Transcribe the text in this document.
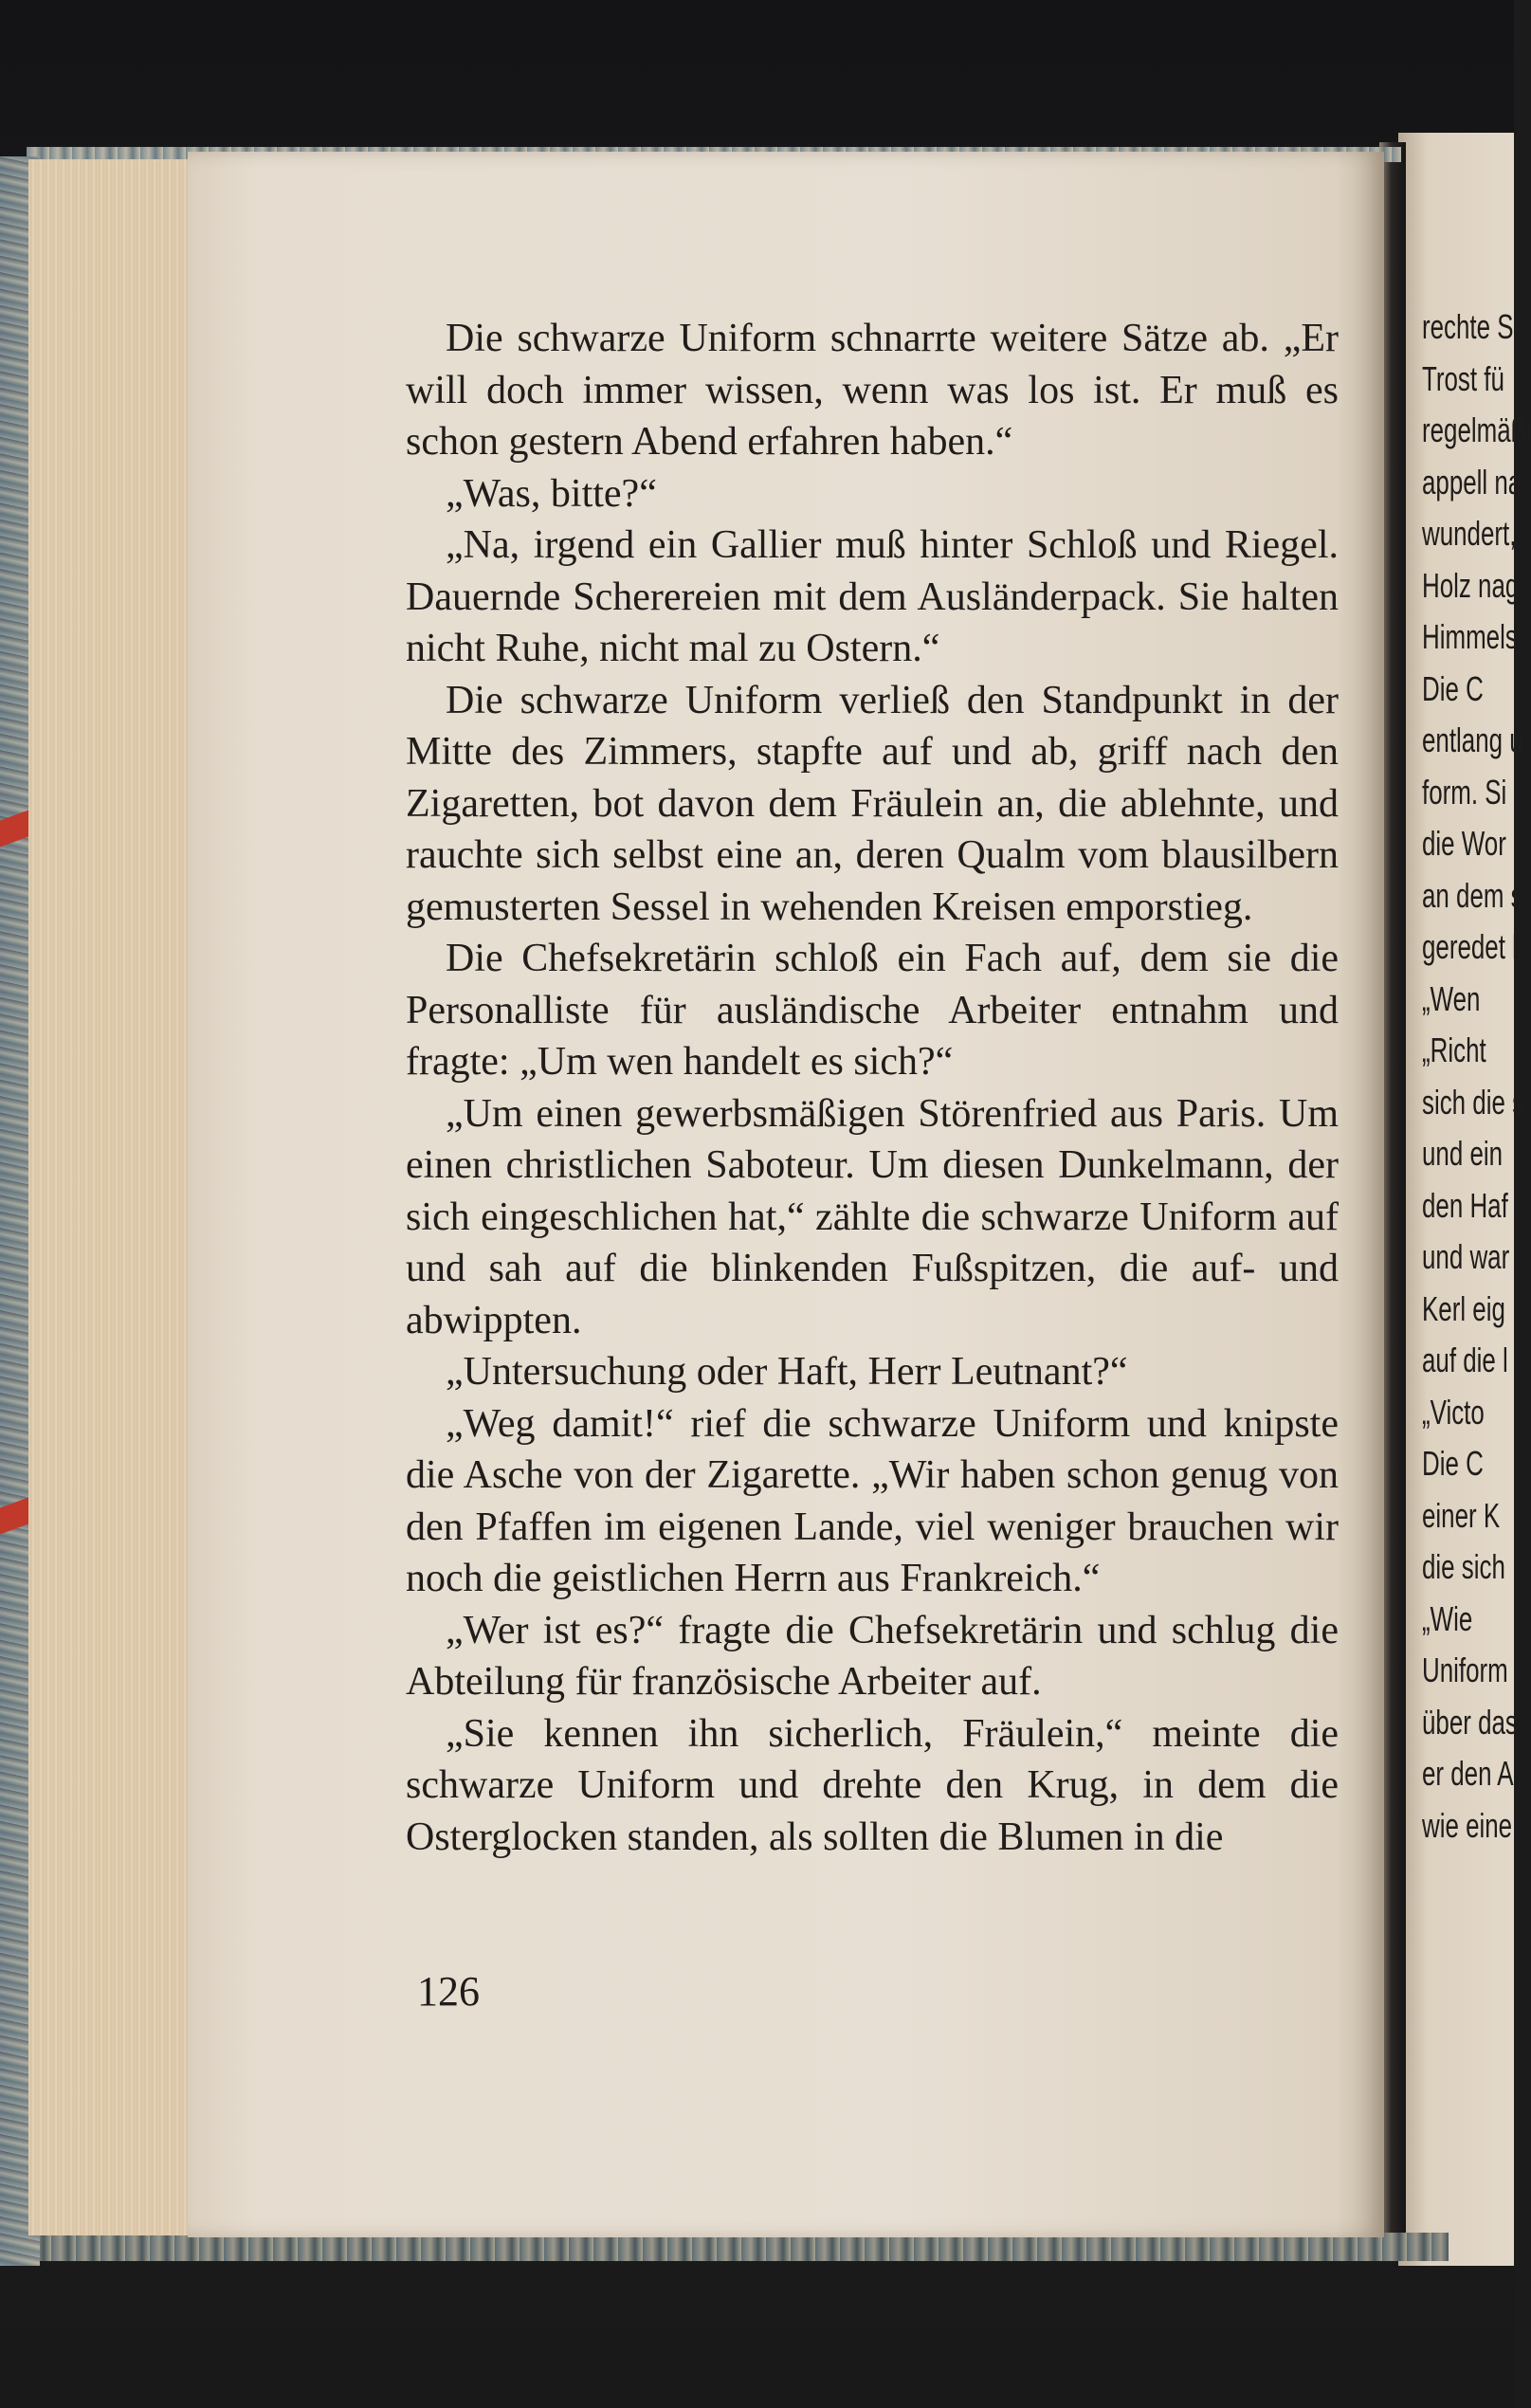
Die schwarze Uniform schnarrte weitere Sätze ab. „Er will doch immer wissen, wenn was los ist. Er muß es schon gestern Abend erfahren haben.“

„Was, bitte?“

„Na, irgend ein Gallier muß hinter Schloß und Riegel. Dauernde Scherereien mit dem Ausländerpack. Sie halten nicht Ruhe, nicht mal zu Ostern.“

Die schwarze Uniform verließ den Standpunkt in der Mitte des Zimmers, stapfte auf und ab, griff nach den Zigaretten, bot davon dem Fräulein an, die ablehnte, und rauchte sich selbst eine an, deren Qualm vom blausilbern gemusterten Sessel in wehenden Kreisen emporstieg.

Die Chefsekretärin schloß ein Fach auf, dem sie die Personalliste für ausländische Arbeiter entnahm und fragte: „Um wen handelt es sich?“

„Um einen gewerbsmäßigen Störenfried aus Paris. Um einen christlichen Saboteur. Um diesen Dunkelmann, der sich eingeschlichen hat,“ zählte die schwarze Uniform auf und sah auf die blinkenden Fußspitzen, die auf- und abwippten.

„Untersuchung oder Haft, Herr Leutnant?“

„Weg damit!“ rief die schwarze Uniform und knipste die Asche von der Zigarette. „Wir haben schon genug von den Pfaffen im eigenen Lande, viel weniger brauchen wir noch die geistlichen Herrn aus Frankreich.“

„Wer ist es?“ fragte die Chefsekretärin und schlug die Abteilung für französische Arbeiter auf.

„Sie kennen ihn sicherlich, Fräulein,“ meinte die schwarze Uniform und drehte den Krug, in dem die Osterglocken standen, als sollten die Blumen in die

126
rechte Si
Trost fü
regelmäßi
appell na
wundert,
Holz nag
Himmels
Die C
entlang u
form. Si
die Wor
an dem s
geredet l
„Wen
„Richt
sich die s
und ein
den Haf
und war
Kerl eig
auf die l
„Victo
Die C
einer K
die sich
„Wie
Uniform
über das
er den A
wie eine
